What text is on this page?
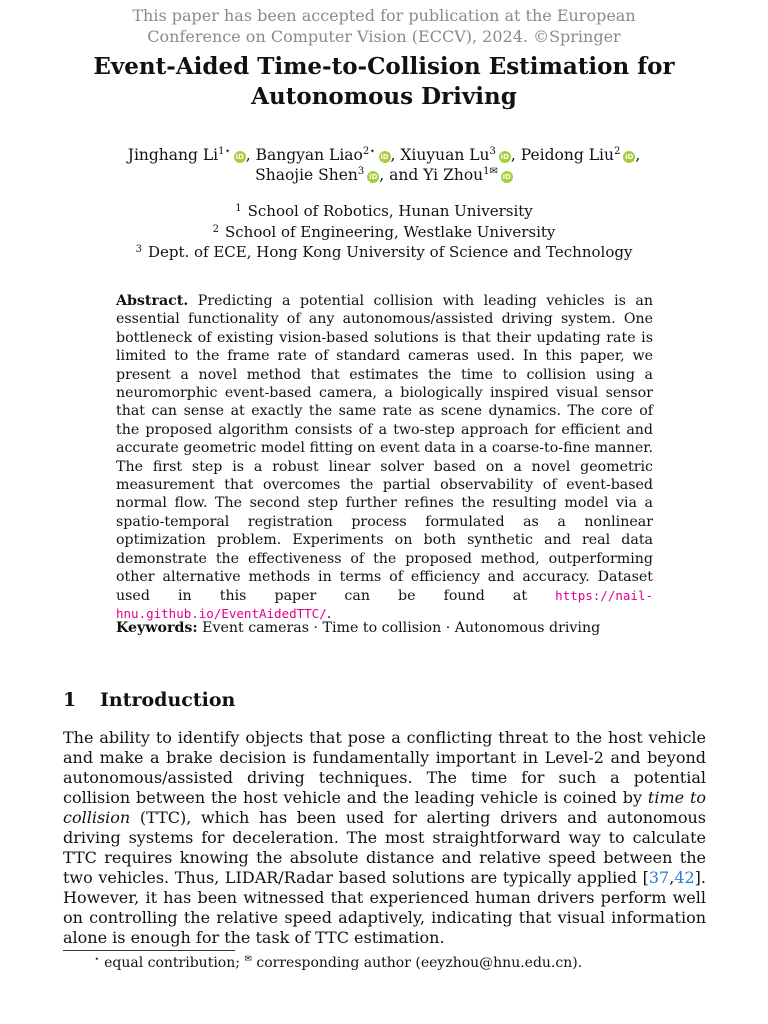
This paper has been accepted for publication at the European
Conference on Computer Vision (ECCV), 2024. ©Springer
Event-Aided Time-to-Collision Estimation for
Autonomous Driving
Jinghang $Li^{1⋆}iD$ , Bangyan Liao$^{2⋆}$iD , Xiuyuan Lu$^3$iD , Peidong Liu$^2$iD ,
Shaojie Shen$^3$iD , and Yi Zhou$^{1✉}$iD
$^1$ School of Robotics, Hunan University
$^2$ School of Engineering, Westlake University
$^3$ Dept. of ECE, Hong Kong University of Science and Technology
Abstract. Predicting a potential collision with leading vehicles is an essential functionality of any autonomous/assisted driving system. One bottleneck of existing vision-based solutions is that their updating rate is limited to the frame rate of standard cameras used. In this paper, we present a novel method that estimates the time to collision using a neuromorphic event-based camera, a biologically inspired visual sensor that can sense at exactly the same rate as scene dynamics. The core of the proposed algorithm consists of a two-step approach for efficient and accurate geometric model fitting on event data in a coarse-to-fine manner. The first step is a robust linear solver based on a novel geometric measurement that overcomes the partial observability of event-based normal flow. The second step further refines the resulting model via a spatio-temporal registration process formulated as a nonlinear optimization problem. Experiments on both synthetic and real data demonstrate the effectiveness of the proposed method, outperforming other alternative methods in terms of efficiency and accuracy. Dataset used in this paper can be found at https://nail-hnu.github.io/EventAidedTTC/.
Keywords: Event cameras · Time to collision · Autonomous driving
1 Introduction
The ability to identify objects that pose a conflicting threat to the host vehicle and make a brake decision is fundamentally important in Level-2 and beyond autonomous/assisted driving techniques. The time for such a potential collision between the host vehicle and the leading vehicle is coined by time to collision (TTC), which has been used for alerting drivers and autonomous driving systems for deceleration. The most straightforward way to calculate TTC requires knowing the absolute distance and relative speed between the two vehicles. Thus, LIDAR/Radar based solutions are typically applied [37,42]. However, it has been witnessed that experienced human drivers perform well on controlling the relative speed adaptively, indicating that visual information alone is enough for the task of TTC estimation.
⋆ equal contribution; ✉ corresponding author (eeyzhou@hnu.edu.cn).
